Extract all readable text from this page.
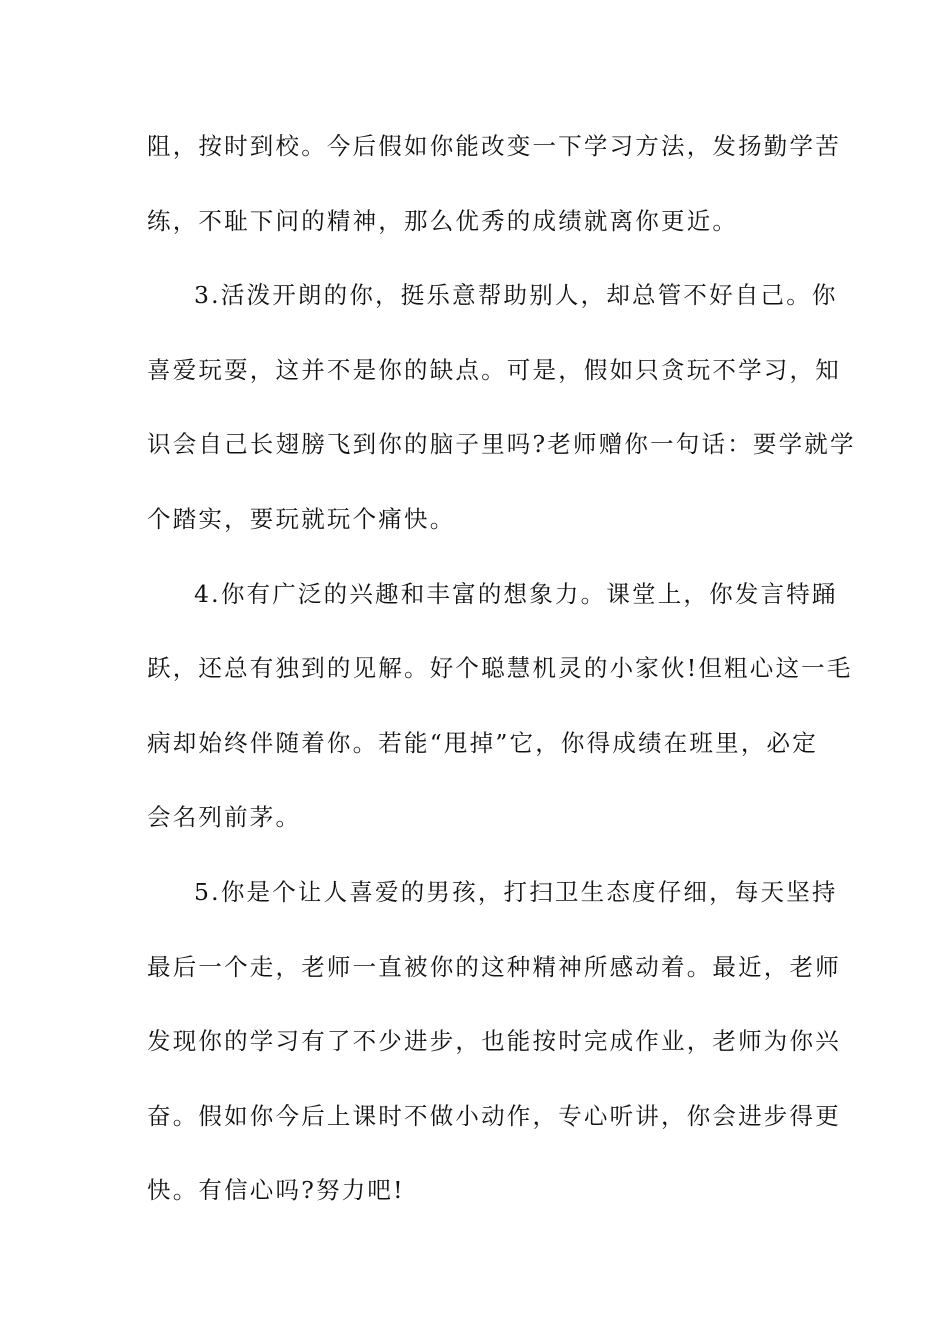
阻，按时到校。今后假如你能改变一下学习方法，发扬勤学苦
练，不耻下问的精神，那么优秀的成绩就离你更近。
3.活泼开朗的你，挺乐意帮助别人，却总管不好自己。你
喜爱玩耍，这并不是你的缺点。可是，假如只贪玩不学习，知
识会自己长翅膀飞到你的脑子里吗?老师赠你一句话：要学就学
个踏实，要玩就玩个痛快。
4.你有广泛的兴趣和丰富的想象力。课堂上，你发言特踊
跃，还总有独到的见解。好个聪慧机灵的小家伙!但粗心这一毛
病却始终伴随着你。若能“甩掉”它，你得成绩在班里，必定
会名列前茅。
5.你是个让人喜爱的男孩，打扫卫生态度仔细，每天坚持
最后一个走，老师一直被你的这种精神所感动着。最近，老师
发现你的学习有了不少进步，也能按时完成作业，老师为你兴
奋。假如你今后上课时不做小动作，专心听讲，你会进步得更
快。有信心吗?努力吧!
